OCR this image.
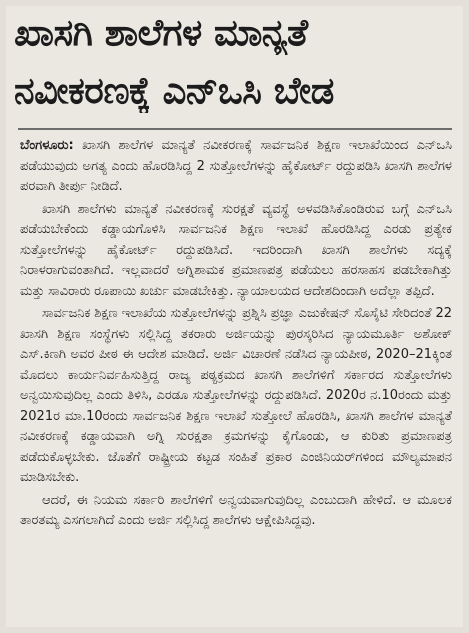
ಖಾಸಗಿ ಶಾಲೆಗಳ ಮಾನ್ಯತೆ
ನವೀಕರಣಕ್ಕೆ ಎನ್‌ಒಸಿ ಬೇಡ

ಬೆಂಗಳೂರು: ಖಾಸಗಿ ಶಾಲೆಗಳ ಮಾನ್ಯತೆ ನವೀಕರಣಕ್ಕೆ ಸಾರ್ವಜನಿಕ ಶಿಕ್ಷಣ ಇಲಾಖೆಯಿಂದ ಎನ್‌ಒಸಿ ಪಡೆಯುವುದು ಅಗತ್ಯ ಎಂದು ಹೊರಡಿಸಿದ್ದ 2 ಸುತ್ತೋಲೆಗಳನ್ನು ಹೈಕೋರ್ಟ್ ರದ್ದುಪಡಿಸಿ ಖಾಸಗಿ ಶಾಲೆಗಳ ಪರವಾಗಿ ತೀರ್ಪು ನೀಡಿದೆ.

ಖಾಸಗಿ ಶಾಲೆಗಳು ಮಾನ್ಯತೆ ನವೀಕರಣಕ್ಕೆ ಸುರಕ್ಷತೆ ವ್ಯವಸ್ಥೆ ಅಳವಡಿಸಿಕೊಂಡಿರುವ ಬಗ್ಗೆ ಎನ್‌ಒಸಿ ಪಡೆಯಬೇಕೆಂದು ಕಡ್ಡಾಯಗೊಳಿಸಿ ಸಾರ್ವಜನಿಕ ಶಿಕ್ಷಣ ಇಲಾಖೆ ಹೊರಡಿಸಿದ್ದ ಎರಡು ಪ್ರತ್ಯೇಕ ಸುತ್ತೋಲೆಗಳನ್ನು ಹೈಕೋರ್ಟ್ ರದ್ದುಪಡಿಸಿದೆ. ಇದರಿಂದಾಗಿ ಖಾಸಗಿ ಶಾಲೆಗಳು ಸದ್ಯಕ್ಕೆ ನಿರಾಳರಾಗುವಂತಾಗಿದೆ. ಇಲ್ಲವಾದರೆ ಅಗ್ನಿಶಾಮಕ ಪ್ರಮಾಣಪತ್ರ ಪಡೆಯಲು ಹರಸಾಹಸ ಪಡಬೇಕಾಗಿತ್ತು ಮತ್ತು ಸಾವಿರಾರು ರೂಪಾಯಿ ಖರ್ಚು ಮಾಡಬೇಕಿತ್ತು. ನ್ಯಾಯಾಲಯದ ಆದೇಶದಿಂದಾಗಿ ಅದೆಲ್ಲಾ ತಪ್ಪಿದೆ.

ಸಾರ್ವಜನಿಕ ಶಿಕ್ಷಣ ಇಲಾಖೆಯ ಸುತ್ತೋಲೆಗಳನ್ನು ಪ್ರಶ್ನಿಸಿ ಪ್ರಜ್ಞಾ ಎಜುಕೇಷನ್ ಸೊಸೈಟಿ ಸೇರಿದಂತೆ 22 ಖಾಸಗಿ ಶಿಕ್ಷಣ ಸಂಸ್ಥೆಗಳು ಸಲ್ಲಿಸಿದ್ದ ತಕರಾರು ಅರ್ಜಿಯನ್ನು ಪುರಸ್ಕರಿಸಿದ ನ್ಯಾಯಮೂರ್ತಿ ಅಶೋಕ್ ಎಸ್.ಕಿಣಗಿ ಅವರ ಪೀಠ ಈ ಆದೇಶ ಮಾಡಿದೆ. ಅರ್ಜಿ ವಿಚಾರಣೆ ನಡೆಸಿದ ನ್ಯಾಯಪೀಠ, 2020–21ಕ್ಕಿಂತ ಮೊದಲು ಕಾರ್ಯನಿರ್ವಹಿಸುತ್ತಿದ್ದ ರಾಜ್ಯ ಪಠ್ಯಕ್ರಮದ ಖಾಸಗಿ ಶಾಲೆಗಳಿಗೆ ಸರ್ಕಾರದ ಸುತ್ತೋಲೆಗಳು ಅನ್ವಯಿಸುವುದಿಲ್ಲ ಎಂದು ತಿಳಿಸಿ, ಎರಡೂ ಸುತ್ತೋಲೆಗಳನ್ನು ರದ್ದುಪಡಿಸಿದೆ. 2020ರ ನ.10ರಂದು ಮತ್ತು 2021ರ ಮಾ.10ರಂದು ಸಾರ್ವಜನಿಕ ಶಿಕ್ಷಣ ಇಲಾಖೆ ಸುತ್ತೋಲೆ ಹೊರಡಿಸಿ, ಖಾಸಗಿ ಶಾಲೆಗಳ ಮಾನ್ಯತೆ ನವೀಕರಣಕ್ಕೆ ಕಡ್ಡಾಯವಾಗಿ ಅಗ್ನಿ ಸುರಕ್ಷತಾ ಕ್ರಮಗಳನ್ನು ಕೈಗೊಂಡು, ಆ ಕುರಿತು ಪ್ರಮಾಣಪತ್ರ ಪಡೆದುಕೊಳ್ಳಬೇಕು. ಜೊತೆಗೆ ರಾಷ್ಟ್ರೀಯ ಕಟ್ಟಡ ಸಂಹಿತೆ ಪ್ರಕಾರ ಎಂಜಿನಿಯರ್‌ಗಳಿಂದ ಮೌಲ್ಯಮಾಪನ ಮಾಡಿಸಬೇಕು.

ಆದರೆ, ಈ ನಿಯಮ ಸರ್ಕಾರಿ ಶಾಲೆಗಳಿಗೆ ಅನ್ವಯವಾಗುವುದಿಲ್ಲ ಎಂಬುದಾಗಿ ಹೇಳಿದೆ. ಆ ಮೂಲಕ ತಾರತಮ್ಯ ಎಸಗಲಾಗಿದೆ ಎಂದು ಅರ್ಜಿ ಸಲ್ಲಿಸಿದ್ದ ಶಾಲೆಗಳು ಆಕ್ಷೇಪಿಸಿದ್ದವು.
